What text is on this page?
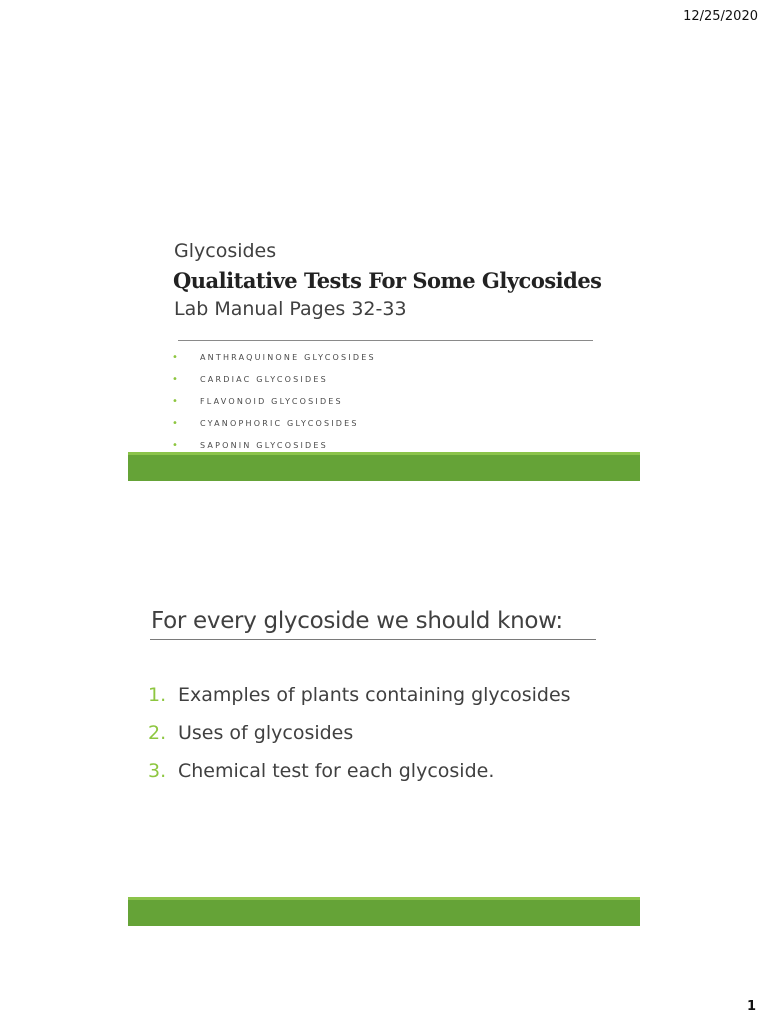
12/25/2020
Glycosides
Qualitative Tests For Some Glycosides
Lab Manual Pages 32-33
•	ANTHRAQUINONE GLYCOSIDES
•	CARDIAC GLYCOSIDES
•	FLAVONOID GLYCOSIDES
•	CYANOPHORIC GLYCOSIDES
•	SAPONIN GLYCOSIDES
For every glycoside we should know:
1. Examples of plants containing glycosides
2. Uses of glycosides
3. Chemical test for each glycoside.
1
